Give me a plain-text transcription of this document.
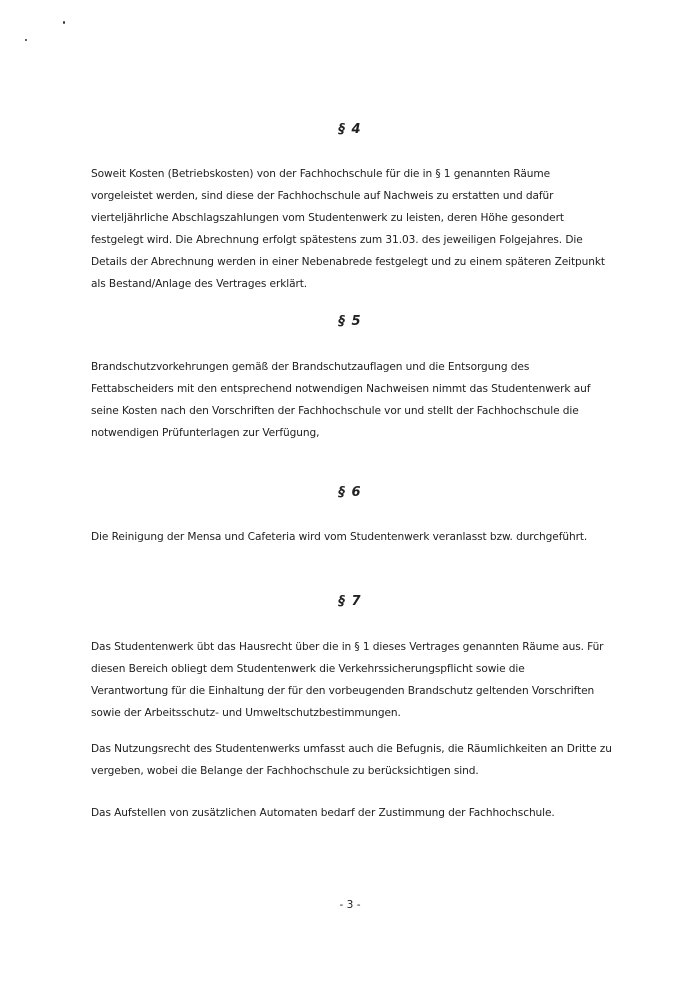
§ 4
Soweit Kosten (Betriebskosten) von der Fachhochschule für die in § 1 genannten Räume
vorgeleistet werden, sind diese der Fachhochschule auf Nachweis zu erstatten und dafür
vierteljährliche Abschlagszahlungen vom Studentenwerk zu leisten, deren Höhe gesondert
festgelegt wird. Die Abrechnung erfolgt spätestens zum 31.03. des jeweiligen Folgejahres. Die
Details der Abrechnung werden in einer Nebenabrede festgelegt und zu einem späteren Zeitpunkt
als Bestand/Anlage des Vertrages erklärt.
§ 5
Brandschutzvorkehrungen gemäß der Brandschutzauflagen und die Entsorgung des
Fettabscheiders mit den entsprechend notwendigen Nachweisen nimmt das Studentenwerk auf
seine Kosten nach den Vorschriften der Fachhochschule vor und stellt der Fachhochschule die
notwendigen Prüfunterlagen zur Verfügung,
§ 6
Die Reinigung der Mensa und Cafeteria wird vom Studentenwerk veranlasst bzw. durchgeführt.
§ 7
Das Studentenwerk übt das Hausrecht über die in § 1 dieses Vertrages genannten Räume aus. Für
diesen Bereich obliegt dem Studentenwerk die Verkehrssicherungspflicht sowie die
Verantwortung für die Einhaltung der für den vorbeugenden Brandschutz geltenden Vorschriften
sowie der Arbeitsschutz- und Umweltschutzbestimmungen.
Das Nutzungsrecht des Studentenwerks umfasst auch die Befugnis, die Räumlichkeiten an Dritte zu
vergeben, wobei die Belange der Fachhochschule zu berücksichtigen sind.
Das Aufstellen von zusätzlichen Automaten bedarf der Zustimmung der Fachhochschule.
- 3 -
